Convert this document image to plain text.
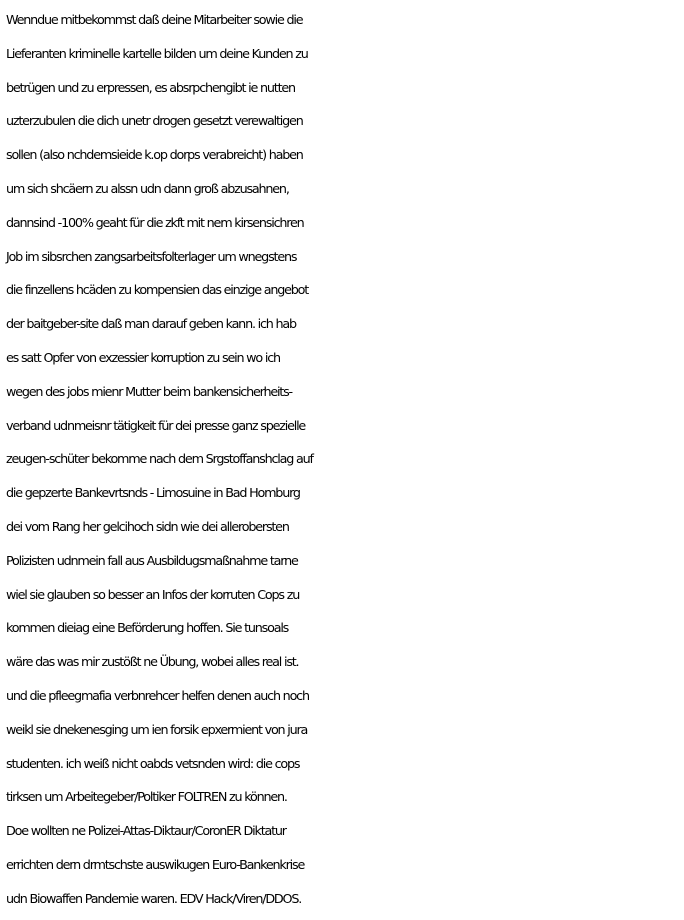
Wenndue mitbekommst daß deine Mitarbeiter sowie die
Lieferanten kriminelle kartelle bilden um deine Kunden zu
betrügen und zu erpressen, es absrpchengibt ie nutten
uzterzubulen die dich unetr drogen gesetzt verewaltigen
sollen (also nchdemsieide k.op dorps verabreicht) haben
um sich shcäern zu alssn udn dann groß abzusahnen,
dannsind -100% geaht für die zkft mit nem kirsensichren
Job im sibsrchen zangsarbeitsfolterlager um wnegstens
die finzellens hcäden zu kompensien das einzige angebot
der baitgeber-site daß man darauf geben kann. ich hab
es satt Opfer von exzessier korruption zu sein wo ich
wegen des jobs mienr Mutter beim bankensicherheits-
verband udnmeisnr tätigkeit für dei presse ganz spezielle
zeugen-schüter bekomme nach dem Srgstoffanshclag auf
die gepzerte Bankevrtsnds - Limosuine in Bad Homburg
dei vom Rang her gelcihoch sidn wie dei allerobersten
Polizisten udnmein fall aus Ausbildugsmaßnahme tarne
wiel sie glauben so besser an Infos der korruten Cops zu
kommen dieiag eine Beförderung hoffen. Sie tunsoals
wäre das was mir zustößt ne Übung, wobei alles real ist.
und die pfleegmafia verbnrehcer helfen denen auch noch
weikl sie dnekenesging um ien forsik epxermient von jura
studenten. ich weiß nicht oabds vetsnden wird: die cops
tirksen um Arbeitegeber/Poltiker FOLTREN zu können.
Doe wollten ne Polizei-Attas-Diktaur/CoronER Diktatur
errichten dern drmtschste auswikugen Euro-Bankenkrise
udn Biowaffen Pandemie waren. EDV Hack/Viren/DDOS.
